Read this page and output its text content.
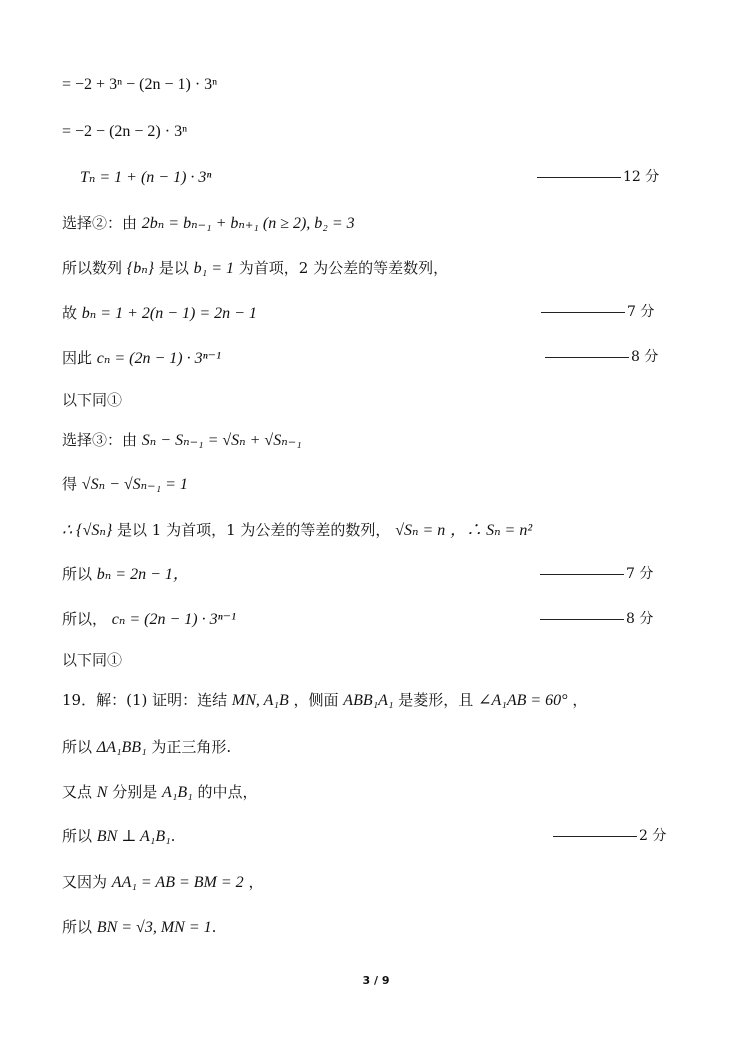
= −2 + 3ⁿ − (2n − 1) · 3ⁿ
= −2 − (2n − 2) · 3ⁿ
Tₙ = 1 + (n − 1) · 3ⁿ	12 分
选择②：由 2bₙ = bₙ₋₁ + bₙ₊₁ (n ≥ 2), b₂ = 3
所以数列 {bₙ} 是以 b₁ = 1 为首项，2 为公差的等差数列，
故 bₙ = 1 + 2(n − 1) = 2n − 1	7 分
因此 cₙ = (2n − 1) · 3ⁿ⁻¹	8 分
以下同①
选择③：由 Sₙ − Sₙ₋₁ = √Sₙ + √Sₙ₋₁
得 √Sₙ − √Sₙ₋₁ = 1
∴ {√Sₙ} 是以 1 为首项，1 为公差的等差的数列， √Sₙ = n ，∴ Sₙ = n²
所以 bₙ = 2n − 1，	7 分
所以， cₙ = (2n − 1) · 3ⁿ⁻¹	8 分
以下同①
19．解：(1) 证明：连结 MN, A₁B ，侧面 ABB₁A₁ 是菱形，且 ∠A₁AB = 60° ，
所以 ΔA₁BB₁ 为正三角形.
又点 N 分别是 A₁B₁ 的中点，
所以 BN ⊥ A₁B₁.	2 分
又因为 AA₁ = AB = BM = 2 ，
所以 BN = √3, MN = 1.
3 / 9
